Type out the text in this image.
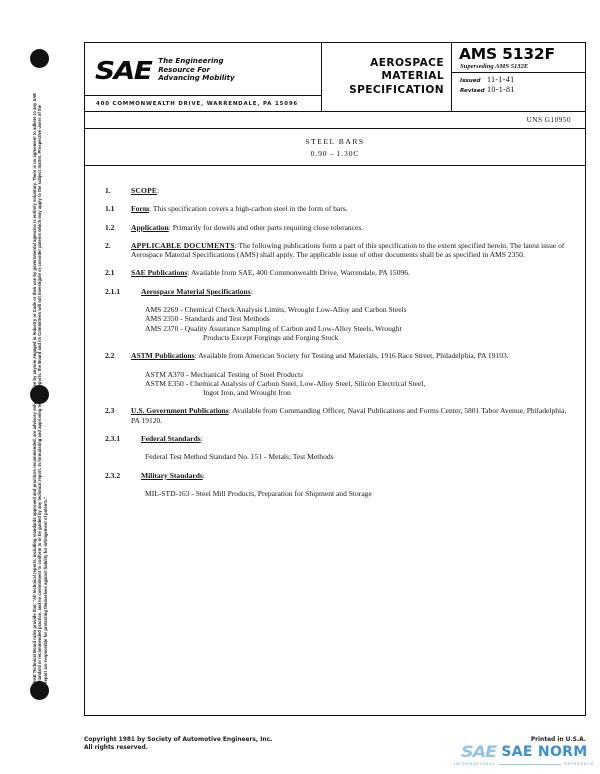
SAE Technical Board rules provide that: "All technical reports, including standards approved and practices recommended, are advisory only. Their use by anyone engaged in industry or trade or their use by governmental agencies is entirely voluntary. There is no agreement to adhere to any SAE standard or recommended practice, and no commitment to conform to or be guided by any technical report. In formulating and approving technical reports, the Board and its Committees will not investigate or consider patents which may apply to the subject matter. Prospective users of the report are responsible for protecting themselves against liability for infringement of patents."

SAE The Engineering
Resource For
Advancing Mobility
400 COMMONWEALTH DRIVE, WARRENDALE, PA 15096
AEROSPACE
MATERIAL
SPECIFICATION
AMS 5132F
Superseding AMS 5132E
Issued 11-1-41
Revised 10-1-81
UNS G10950
STEEL BARS
0.90 - 1.30C
1.	SCOPE:
1.1	Form: This specification covers a high-carbon steel in the form of bars.
1.2	Application: Primarily for dowels and other parts requiring close tolerances.
2.	APPLICABLE DOCUMENTS: The following publications form a part of this specification to the extent specified herein. The latest issue of Aerospace Material Specifications (AMS) shall apply. The applicable issue of other documents shall be as specified in AMS 2350.
2.1	SAE Publications: Available from SAE, 400 Commonwealth Drive, Warrendale, PA 15096.
2.1.1	Aerospace Material Specifications:
AMS 2269 - Chemical Check Analysis Limits, Wrought Low-Alloy and Carbon Steels
AMS 2350 - Standards and Test Methods
AMS 2370 - Quality Assurance Sampling of Carbon and Low-Alloy Steels, Wrought
Products Except Forgings and Forging Stock
2.2	ASTM Publications: Available from American Society for Testing and Materials, 1916 Race Street, Philadelphia, PA 19103.
ASTM A370 - Mechanical Testing of Steel Products
ASTM E350 - Chemical Analysis of Carbon Steel, Low-Alloy Steel, Silicon Electrical Steel,
Ingot Iron, and Wrought Iron
2.3	U.S. Government Publications: Available from Commanding Officer, Naval Publications and Forms Center, 5801 Tabor Avenue, Philadelphia, PA 19120.
2.3.1	Federal Standards:
Federal Test Method Standard No. 151 - Metals; Test Methods
2.3.2	Military Standards:
MIL-STD-163 - Steel Mill Products, Preparation for Shipment and Storage
Copyright 1981 by Society of Automotive Engineers, Inc.
All rights reserved.
Printed in U.S.A.
SAE SAE NORM
INTERNATIONAL	REFERENCE
